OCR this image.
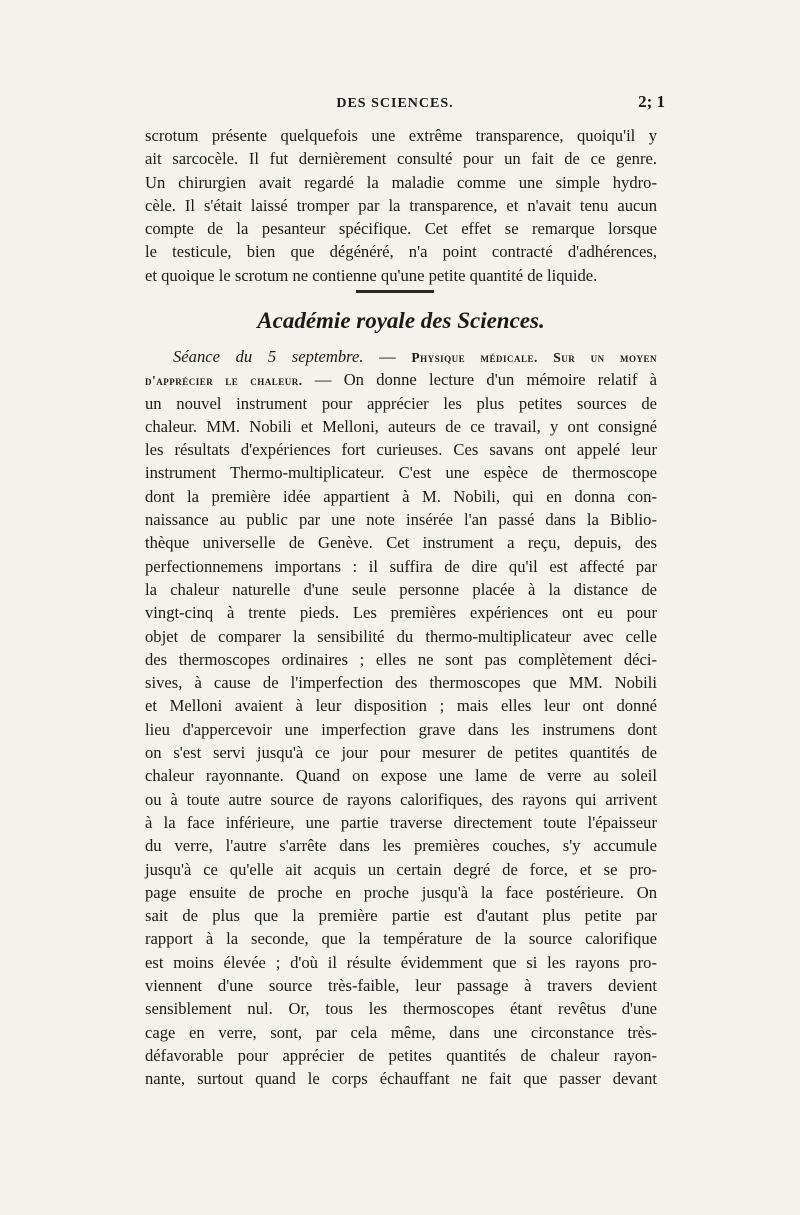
DES SCIENCES.	2; 1
scrotum présente quelquefois une extrême transparence, quoiqu'il y
ait sarcocèle. Il fut dernièrement consulté pour un fait de ce genre.
Un chirurgien avait regardé la maladie comme une simple hydro-
cèle. Il s'était laissé tromper par la transparence, et n'avait tenu aucun
compte de la pesanteur spécifique. Cet effet se remarque lorsque
le testicule, bien que dégénéré, n'a point contracté d'adhérences,
et quoique le scrotum ne contienne qu'une petite quantité de liquide.
Académie royale des Sciences.
Séance du 5 septembre. — Physique médicale. Sur un moyen
d'apprécier le chaleur. — On donne lecture d'un mémoire relatif à
un nouvel instrument pour apprécier les plus petites sources de
chaleur. MM. Nobili et Melloni, auteurs de ce travail, y ont consigné
les résultats d'expériences fort curieuses. Ces savans ont appelé leur
instrument Thermo-multiplicateur. C'est une espèce de thermoscope
dont la première idée appartient à M. Nobili, qui en donna con-
naissance au public par une note insérée l'an passé dans la Biblio-
thèque universelle de Genève. Cet instrument a reçu, depuis, des
perfectionnemens importans : il suffira de dire qu'il est affecté par
la chaleur naturelle d'une seule personne placée à la distance de
vingt-cinq à trente pieds. Les premières expériences ont eu pour
objet de comparer la sensibilité du thermo-multiplicateur avec celle
des thermoscopes ordinaires ; elles ne sont pas complètement déci-
sives, à cause de l'imperfection des thermoscopes que MM. Nobili
et Melloni avaient à leur disposition ; mais elles leur ont donné
lieu d'appercevoir une imperfection grave dans les instrumens dont
on s'est servi jusqu'à ce jour pour mesurer de petites quantités de
chaleur rayonnante. Quand on expose une lame de verre au soleil
ou à toute autre source de rayons calorifiques, des rayons qui arrivent
à la face inférieure, une partie traverse directement toute l'épaisseur
du verre, l'autre s'arrête dans les premières couches, s'y accumule
jusqu'à ce qu'elle ait acquis un certain degré de force, et se pro-
page ensuite de proche en proche jusqu'à la face postérieure. On
sait de plus que la première partie est d'autant plus petite par
rapport à la seconde, que la température de la source calorifique
est moins élevée ; d'où il résulte évidemment que si les rayons pro-
viennent d'une source très-faible, leur passage à travers devient
sensiblement nul. Or, tous les thermoscopes étant revêtus d'une
cage en verre, sont, par cela même, dans une circonstance très-
défavorable pour apprécier de petites quantités de chaleur rayon-
nante, surtout quand le corps échauffant ne fait que passer devant
